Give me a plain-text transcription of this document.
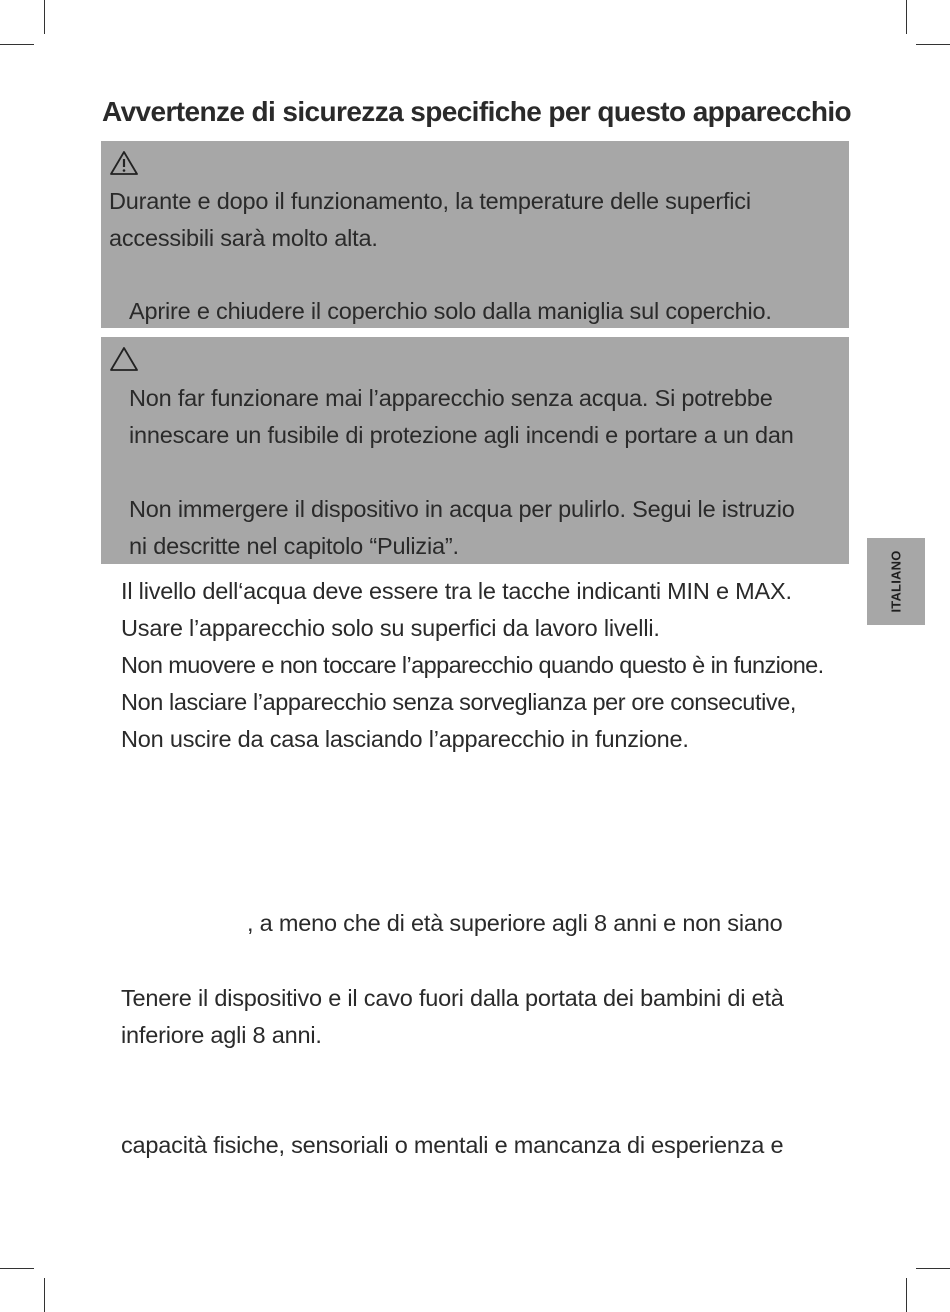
Avvertenze di sicurezza specifiche per questo apparecchio
Durante e dopo il funzionamento, la temperature delle superfici
accessibili sarà molto alta.
Aprire e chiudere il coperchio solo dalla maniglia sul coperchio.
Non far funzionare mai l’apparecchio senza acqua. Si potrebbe
innescare un fusibile di protezione agli incendi e portare a un dan
Non immergere il dispositivo in acqua per pulirlo. Segui le istruzio
ni descritte nel capitolo “Pulizia”.
ITALIANO
Il livello dell‘acqua deve essere tra le tacche indicanti MIN e MAX.
Usare l’apparecchio solo su superfici da lavoro livelli.
Non muovere e non toccare l’apparecchio quando questo è in funzione.
Non lasciare l’apparecchio senza sorveglianza per ore consecutive,
Non uscire da casa lasciando l’apparecchio in funzione.
, a meno che di età superiore agli 8 anni e non siano
Tenere il dispositivo e il cavo fuori dalla portata dei bambini di età
inferiore agli 8 anni.
capacità fisiche, sensoriali o mentali e mancanza di esperienza e
